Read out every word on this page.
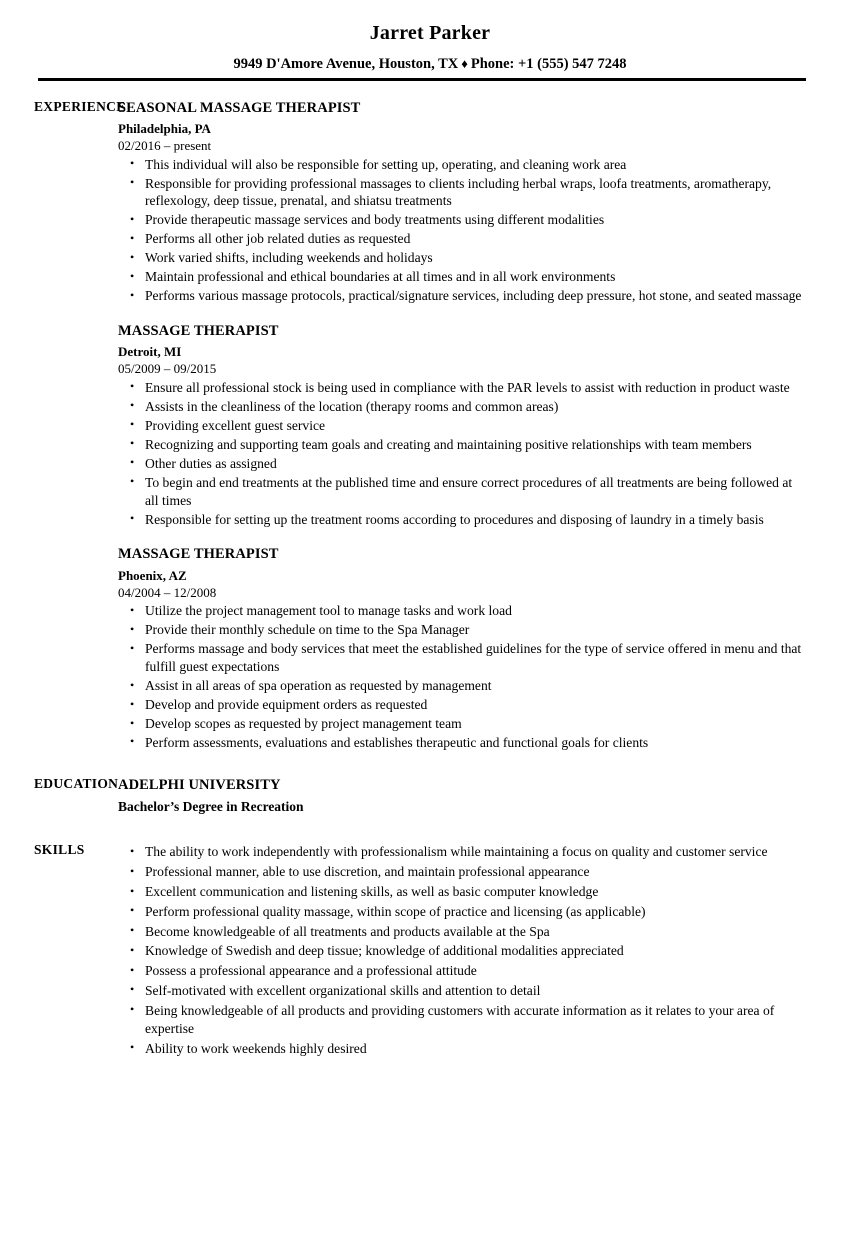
Jarret Parker
9949 D'Amore Avenue, Houston, TX ♦ Phone: +1 (555) 547 7248
EXPERIENCE
SEASONAL MASSAGE THERAPIST
Philadelphia, PA
02/2016 – present
• This individual will also be responsible for setting up, operating, and cleaning work area
• Responsible for providing professional massages to clients including herbal wraps, loofa treatments, aromatherapy, reflexology, deep tissue, prenatal, and shiatsu treatments
• Provide therapeutic massage services and body treatments using different modalities
• Performs all other job related duties as requested
• Work varied shifts, including weekends and holidays
• Maintain professional and ethical boundaries at all times and in all work environments
• Performs various massage protocols, practical/signature services, including deep pressure, hot stone, and seated massage
MASSAGE THERAPIST
Detroit, MI
05/2009 – 09/2015
• Ensure all professional stock is being used in compliance with the PAR levels to assist with reduction in product waste
• Assists in the cleanliness of the location (therapy rooms and common areas)
• Providing excellent guest service
• Recognizing and supporting team goals and creating and maintaining positive relationships with team members
• Other duties as assigned
• To begin and end treatments at the published time and ensure correct procedures of all treatments are being followed at all times
• Responsible for setting up the treatment rooms according to procedures and disposing of laundry in a timely basis
MASSAGE THERAPIST
Phoenix, AZ
04/2004 – 12/2008
• Utilize the project management tool to manage tasks and work load
• Provide their monthly schedule on time to the Spa Manager
• Performs massage and body services that meet the established guidelines for the type of service offered in menu and that fulfill guest expectations
• Assist in all areas of spa operation as requested by management
• Develop and provide equipment orders as requested
• Develop scopes as requested by project management team
• Perform assessments, evaluations and establishes therapeutic and functional goals for clients
EDUCATION ADELPHI UNIVERSITY
Bachelor’s Degree in Recreation
SKILLS	• The ability to work independently with professionalism while maintaining a focus on quality and customer service
• Professional manner, able to use discretion, and maintain professional appearance
• Excellent communication and listening skills, as well as basic computer knowledge
• Perform professional quality massage, within scope of practice and licensing (as applicable)
• Become knowledgeable of all treatments and products available at the Spa
• Knowledge of Swedish and deep tissue; knowledge of additional modalities appreciated
• Possess a professional appearance and a professional attitude
• Self-motivated with excellent organizational skills and attention to detail
• Being knowledgeable of all products and providing customers with accurate information as it relates to your area of expertise
• Ability to work weekends highly desired
